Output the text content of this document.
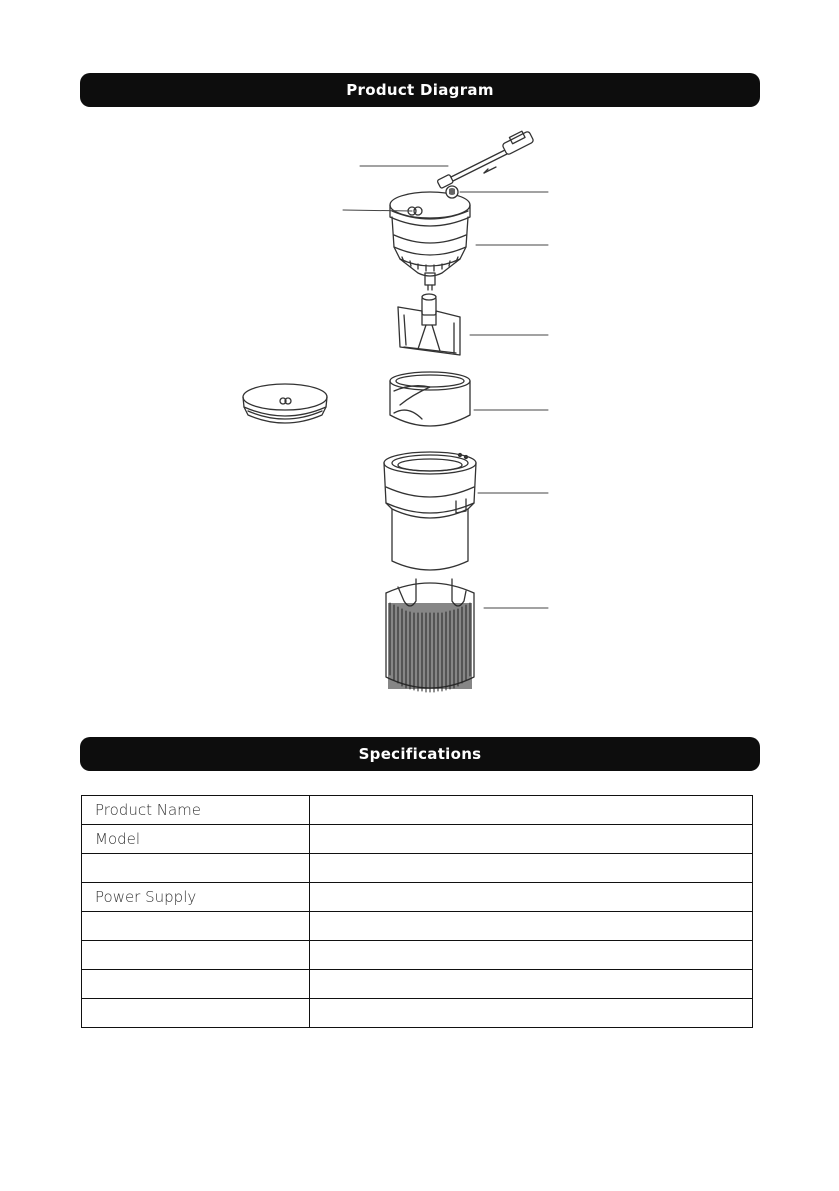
Product Diagram
Specifications
Product Name	
Model	

Power Supply	
